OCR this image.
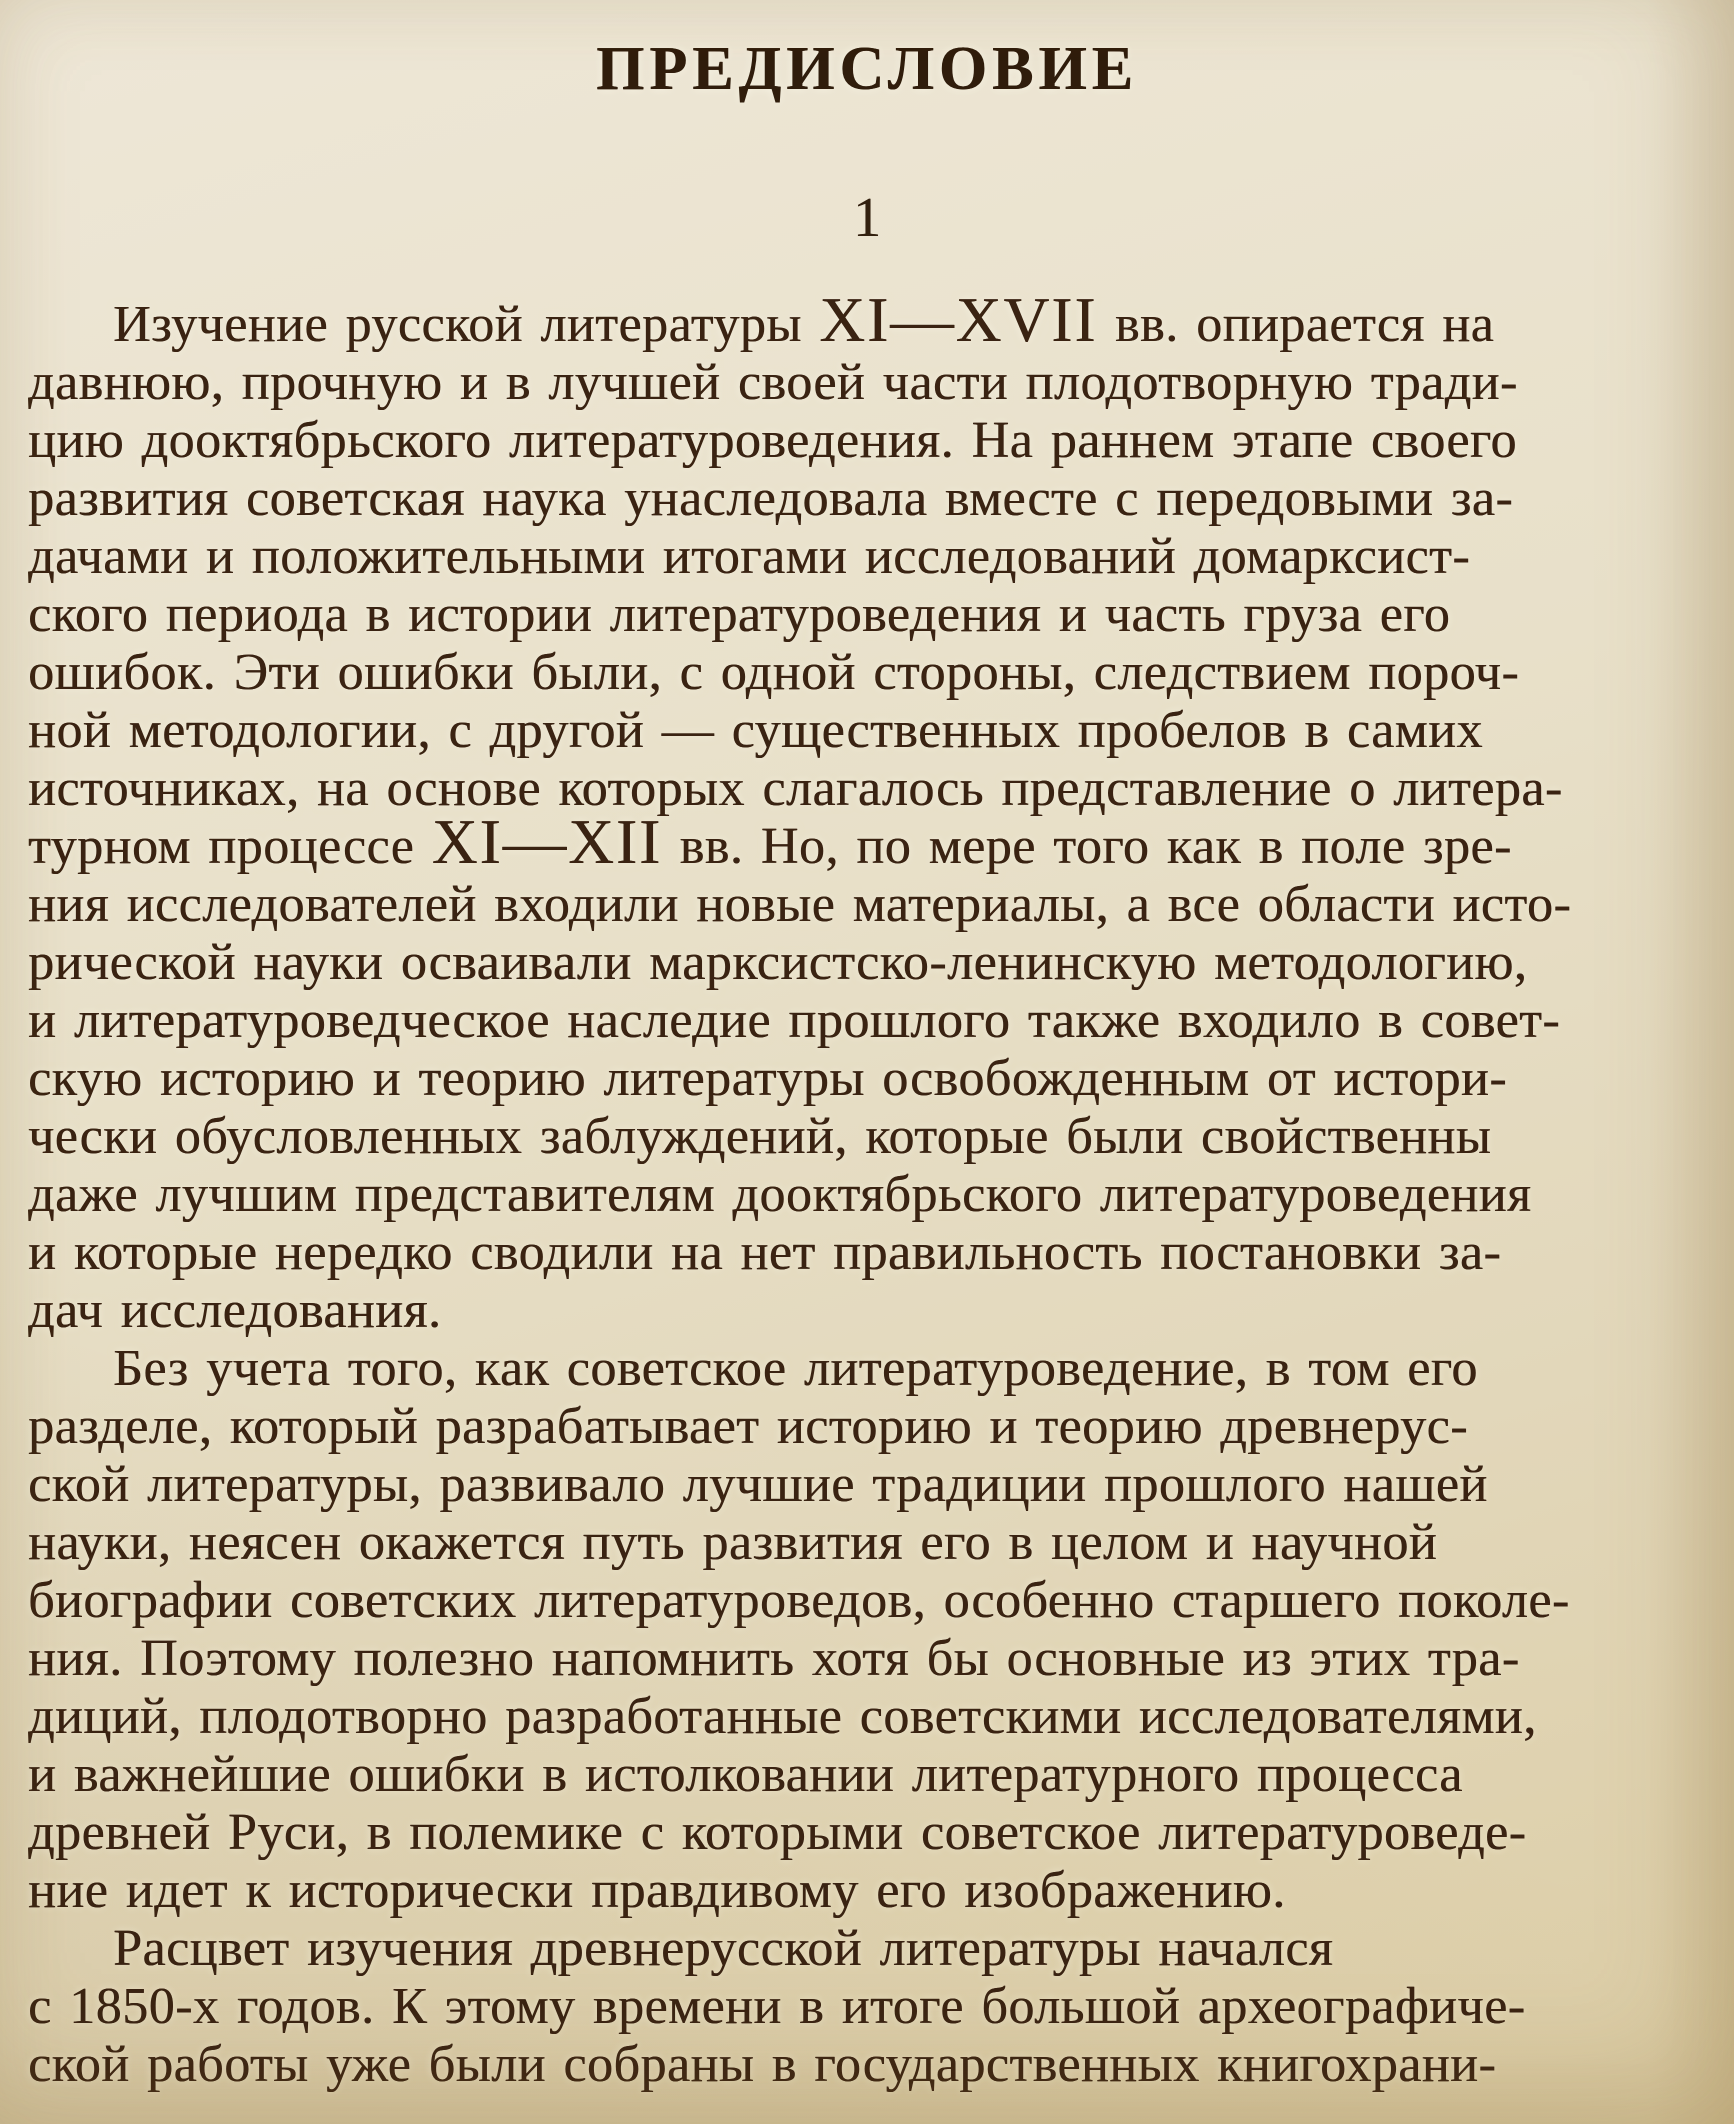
ПРЕДИСЛОВИЕ
1
Изучение русской литературы XI—XVII вв. опирается на
давнюю, прочную и в лучшей своей части плодотворную тради-
цию дооктябрьского литературоведения. На раннем этапе своего
развития советская наука унаследовала вместе с передовыми за-
дачами и положительными итогами исследований домарксист-
ского периода в истории литературоведения и часть груза его
ошибок. Эти ошибки были, с одной стороны, следствием пороч-
ной методологии, с другой — существенных пробелов в самих
источниках, на основе которых слагалось представление о литера-
турном процессе XI—XII вв. Но, по мере того как в поле зре-
ния исследователей входили новые материалы, а все области исто-
рической науки осваивали марксистско-ленинскую методологию,
и литературоведческое наследие прошлого также входило в совет-
скую историю и теорию литературы освобожденным от истори-
чески обусловленных заблуждений, которые были свойственны
даже лучшим представителям дооктябрьского литературоведения
и которые нередко сводили на нет правильность постановки за-
дач исследования.
Без учета того, как советское литературоведение, в том его
разделе, который разрабатывает историю и теорию древнерус-
ской литературы, развивало лучшие традиции прошлого нашей
науки, неясен окажется путь развития его в целом и научной
биографии советских литературоведов, особенно старшего поколе-
ния. Поэтому полезно напомнить хотя бы основные из этих тра-
диций, плодотворно разработанные советскими исследователями,
и важнейшие ошибки в истолковании литературного процесса
древней Руси, в полемике с которыми советское литературоведе-
ние идет к исторически правдивому его изображению.
Расцвет изучения древнерусской литературы начался
с 1850-х годов. К этому времени в итоге большой археографиче-
ской работы уже были собраны в государственных книгохрани-
